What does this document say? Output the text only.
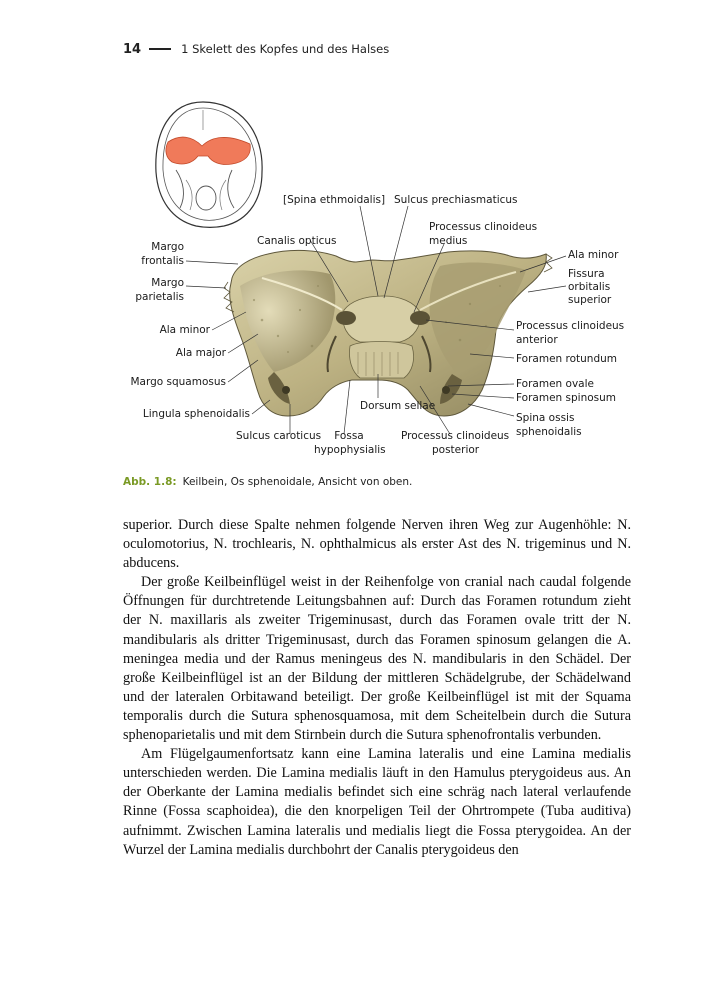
14	1 Skelett des Kopfes und des Halses
Margo
frontalis
Margo
parietalis
Ala minor
Ala major
Margo squamosus
Lingula sphenoidalis
[Spina ethmoidalis] Sulcus prechiasmaticus
Canalis opticus
Processus clinoideus
medius
Ala minor
Fissura
orbitalis
superior
Processus clinoideus
anterior
Foramen rotundum
Foramen ovale
Foramen spinosum
Spina ossis
sphenoidalis
Dorsum sellae
Sulcus caroticus	Fossa
hypophysialis
Processus clinoideus
posterior
Abb. 1.8: Keilbein, Os sphenoidale, Ansicht von oben.

superior. Durch diese Spalte nehmen folgende Nerven ihren Weg zur Augenhöhle: N. oculomotorius, N. trochlearis, N. ophthalmicus als erster Ast des N. trigeminus und N. abducens.

Der große Keilbeinflügel weist in der Reihenfolge von cranial nach caudal folgende Öffnungen für durchtretende Leitungsbahnen auf: Durch das Foramen rotundum zieht der N. maxillaris als zweiter Trigeminusast, durch das Foramen ovale tritt der N. mandibularis als dritter Trigeminusast, durch das Foramen spinosum gelangen die A. meningea media und der Ramus meningeus des N. mandibularis in den Schädel. Der große Keilbeinflügel ist an der Bildung der mittleren Schädelgrube, der Schädelwand und der lateralen Orbitawand beteiligt. Der große Keilbeinflügel ist mit der Squama temporalis durch die Sutura sphenosquamosa, mit dem Scheitelbein durch die Sutura sphenoparietalis und mit dem Stirnbein durch die Sutura sphenofrontalis verbunden.

Am Flügelgaumenfortsatz kann eine Lamina lateralis und eine Lamina medialis unterschieden werden. Die Lamina medialis läuft in den Hamulus pterygoideus aus. An der Oberkante der Lamina medialis befindet sich eine schräg nach lateral verlaufende Rinne (Fossa scaphoidea), die den knorpeligen Teil der Ohrtrompete (Tuba auditiva) aufnimmt. Zwischen Lamina lateralis und medialis liegt die Fossa pterygoidea. An der Wurzel der Lamina medialis durchbohrt der Canalis pterygoideus den
